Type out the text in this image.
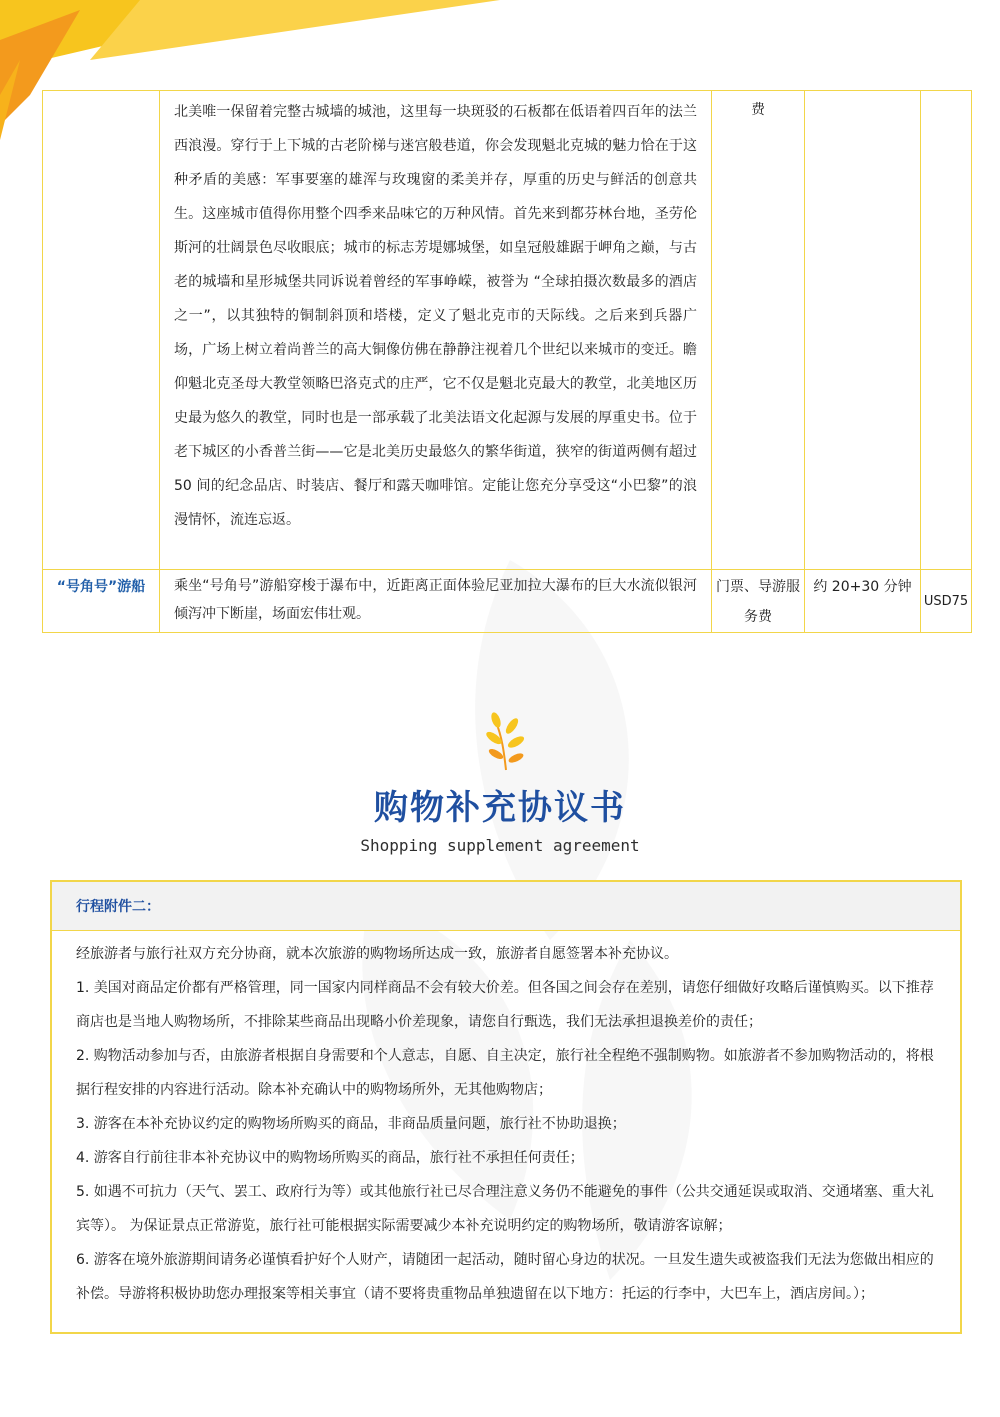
	北美唯一保留着完整古城墙的城池，这里每一块斑驳的石板都在低语着四百年的法兰西浪漫。穿行于上下城的古老阶梯与迷宫般巷道，你会发现魁北克城的魅力恰在于这种矛盾的美感：军事要塞的雄浑与玫瑰窗的柔美并存，厚重的历史与鲜活的创意共生。这座城市值得你用整个四季来品味它的万种风情。首先来到都芬林台地，圣劳伦斯河的壮阔景色尽收眼底；城市的标志芳堤娜城堡，如皇冠般雄踞于岬角之巅，与古老的城墙和星形城堡共同诉说着曾经的军事峥嵘，被誉为 “全球拍摄次数最多的酒店之一”，以其独特的铜制斜顶和塔楼，定义了魁北克市的天际线。之后来到兵器广场，广场上树立着尚普兰的高大铜像仿佛在静静注视着几个世纪以来城市的变迁。瞻仰魁北克圣母大教堂领略巴洛克式的庄严，它不仅是魁北克最大的教堂，北美地区历史最为悠久的教堂，同时也是一部承载了北美法语文化起源与发展的厚重史书。位于老下城区的小香普兰街——它是北美历史最悠久的繁华街道，狭窄的街道两侧有超过 50 间的纪念品店、时装店、餐厅和露天咖啡馆。定能让您充分享受这“小巴黎”的浪漫情怀，流连忘返。	费		
“号角号”游船	乘坐“号角号”游船穿梭于瀑布中，近距离正面体验尼亚加拉大瀑布的巨大水流似银河倾泻冲下断崖，场面宏伟壮观。	门票、导游服务费	约 20+30 分钟	USD75
购物补充协议书
Shopping supplement agreement
行程附件二：

经旅游者与旅行社双方充分协商，就本次旅游的购物场所达成一致，旅游者自愿签署本补充协议。

1. 美国对商品定价都有严格管理，同一国家内同样商品不会有较大价差。但各国之间会存在差别，请您仔细做好攻略后谨慎购买。以下推荐商店也是当地人购物场所，不排除某些商品出现略小价差现象，请您自行甄选，我们无法承担退换差价的责任；

2. 购物活动参加与否，由旅游者根据自身需要和个人意志，自愿、自主决定，旅行社全程绝不强制购物。如旅游者不参加购物活动的，将根据行程安排的内容进行活动。除本补充确认中的购物场所外，无其他购物店；

3. 游客在本补充协议约定的购物场所购买的商品，非商品质量问题，旅行社不协助退换；

4. 游客自行前往非本补充协议中的购物场所购买的商品，旅行社不承担任何责任；

5. 如遇不可抗力（天气、罢工、政府行为等）或其他旅行社已尽合理注意义务仍不能避免的事件（公共交通延误或取消、交通堵塞、重大礼宾等）。 为保证景点正常游览，旅行社可能根据实际需要减少本补充说明约定的购物场所，敬请游客谅解；

6. 游客在境外旅游期间请务必谨慎看护好个人财产，请随团一起活动，随时留心身边的状况。一旦发生遗失或被盗我们无法为您做出相应的补偿。导游将积极协助您办理报案等相关事宜（请不要将贵重物品单独遗留在以下地方：托运的行李中，大巴车上，酒店房间。）；
